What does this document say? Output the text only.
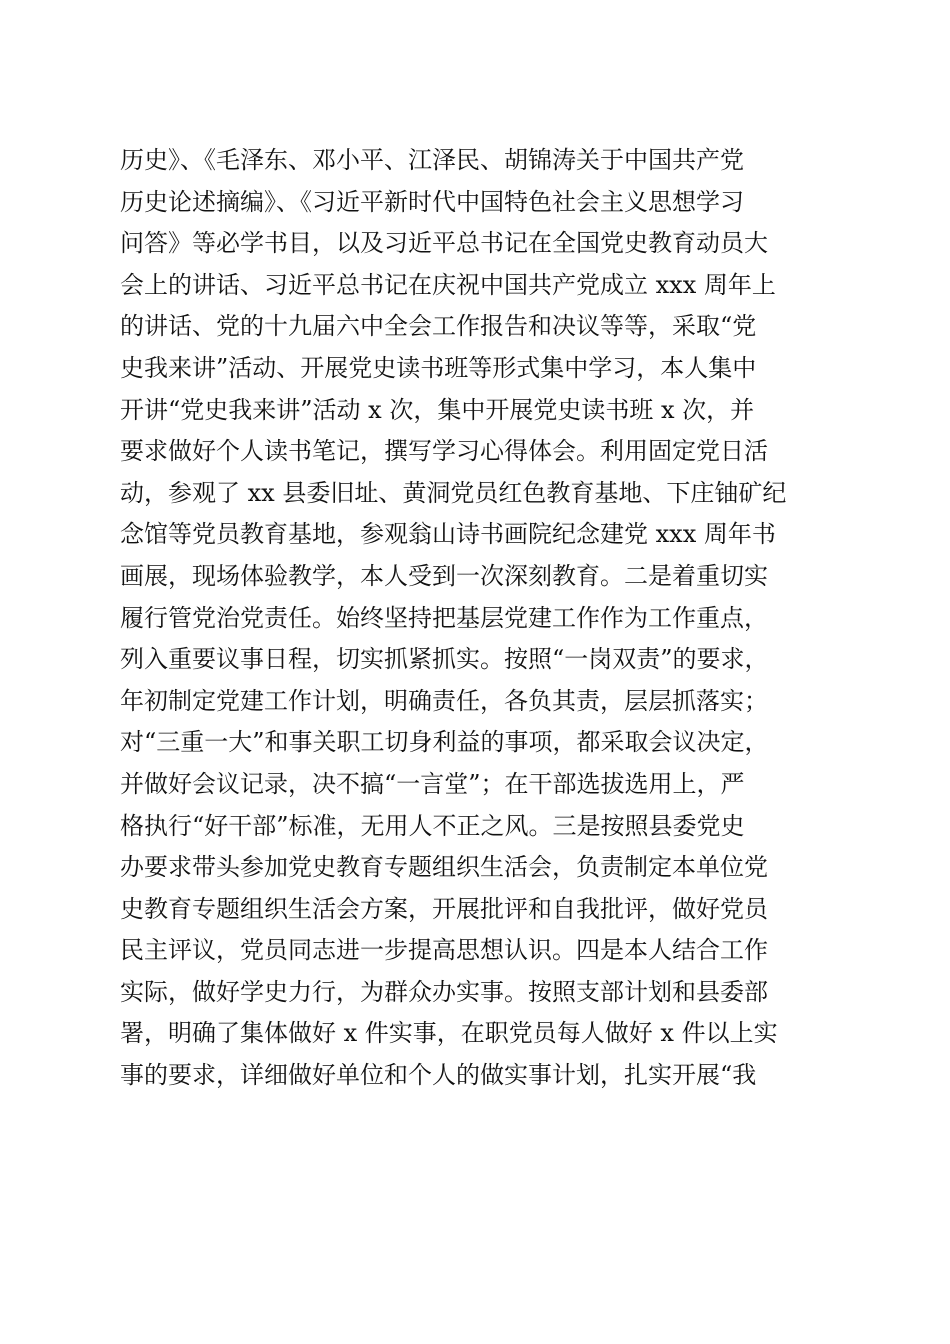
历史》、《毛泽东、邓小平、江泽民、胡锦涛关于中国共产党
历史论述摘编》、《习近平新时代中国特色社会主义思想学习
问答》等必学书目，以及习近平总书记在全国党史教育动员大
会上的讲话、习近平总书记在庆祝中国共产党成立 xxx 周年上
的讲话、党的十九届六中全会工作报告和决议等等，采取“党
史我来讲”活动、开展党史读书班等形式集中学习，本人集中
开讲“党史我来讲”活动 x 次，集中开展党史读书班 x 次，并
要求做好个人读书笔记，撰写学习心得体会。利用固定党日活
动，参观了 xx 县委旧址、黄洞党员红色教育基地、下庄铀矿纪
念馆等党员教育基地，参观翁山诗书画院纪念建党 xxx 周年书
画展，现场体验教学，本人受到一次深刻教育。二是着重切实
履行管党治党责任。始终坚持把基层党建工作作为工作重点，
列入重要议事日程，切实抓紧抓实。按照“一岗双责”的要求，
年初制定党建工作计划，明确责任，各负其责，层层抓落实；
对“三重一大”和事关职工切身利益的事项，都采取会议决定，
并做好会议记录，决不搞“一言堂”；在干部选拔选用上，严
格执行“好干部”标准，无用人不正之风。三是按照县委党史
办要求带头参加党史教育专题组织生活会，负责制定本单位党
史教育专题组织生活会方案，开展批评和自我批评，做好党员
民主评议，党员同志进一步提高思想认识。四是本人结合工作
实际，做好学史力行，为群众办实事。按照支部计划和县委部
署，明确了集体做好 x 件实事，在职党员每人做好 x 件以上实
事的要求，详细做好单位和个人的做实事计划，扎实开展“我
